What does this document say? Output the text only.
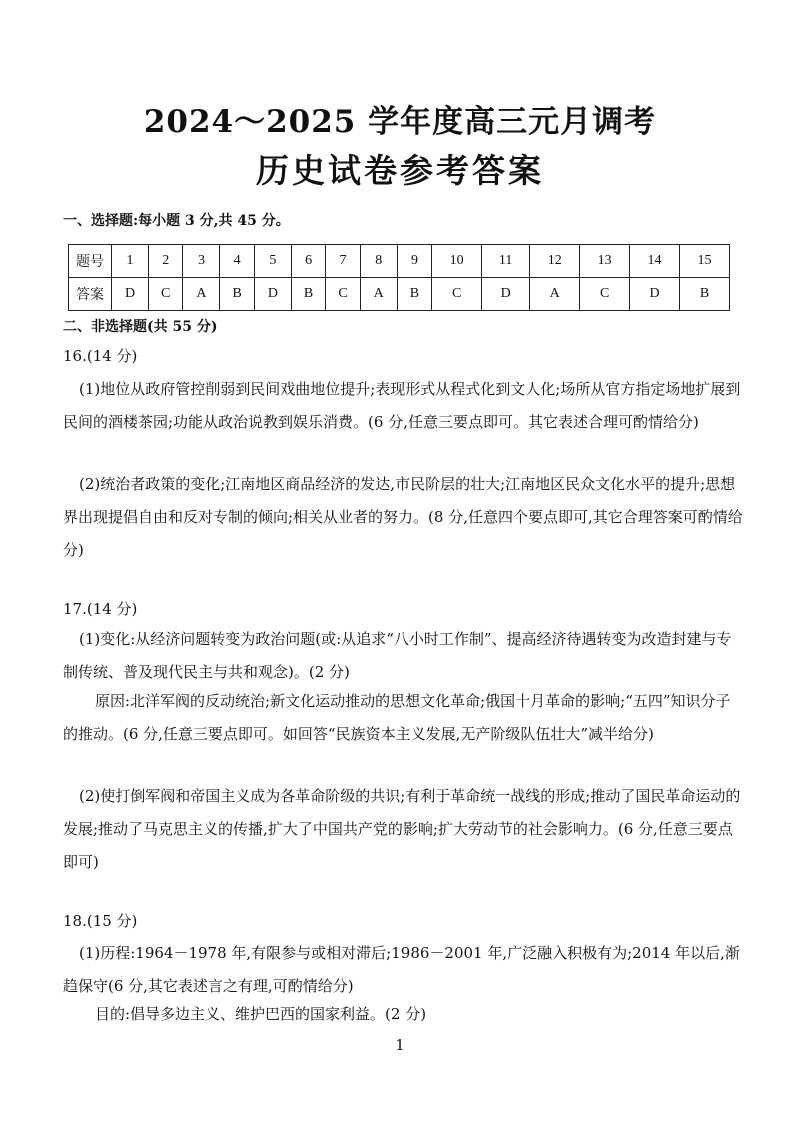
2024～2025 学年度高三元月调考
历史试卷参考答案
一、选择题:每小题 3 分,共 45 分。
题号	1	2	3	4	5	6	7	8	9	10	11	12	13	14	15
答案	D	C	A	B	D	B	C	A	B	C	D	A	C	D	B
二、非选择题(共 55 分)
16.(14 分)
(1)地位从政府管控削弱到民间戏曲地位提升;表现形式从程式化到文人化;场所从官方指定场地扩展到民间的酒楼茶园;功能从政治说教到娱乐消费。(6 分,任意三要点即可。其它表述合理可酌情给分)
(2)统治者政策的变化;江南地区商品经济的发达,市民阶层的壮大;江南地区民众文化水平的提升;思想界出现提倡自由和反对专制的倾向;相关从业者的努力。(8 分,任意四个要点即可,其它合理答案可酌情给分)
17.(14 分)
(1)变化:从经济问题转变为政治问题(或:从追求“八小时工作制”、提高经济待遇转变为改造封建与专制传统、普及现代民主与共和观念)。(2 分)
原因:北洋军阀的反动统治;新文化运动推动的思想文化革命;俄国十月革命的影响;“五四”知识分子的推动。(6 分,任意三要点即可。如回答“民族资本主义发展,无产阶级队伍壮大”减半给分)
(2)使打倒军阀和帝国主义成为各革命阶级的共识;有利于革命统一战线的形成;推动了国民革命运动的发展;推动了马克思主义的传播,扩大了中国共产党的影响;扩大劳动节的社会影响力。(6 分,任意三要点即可)
18.(15 分)
(1)历程:1964－1978 年,有限参与或相对滞后;1986－2001 年,广泛融入积极有为;2014 年以后,渐趋保守(6 分,其它表述言之有理,可酌情给分)
目的:倡导多边主义、维护巴西的国家利益。(2 分)
1
